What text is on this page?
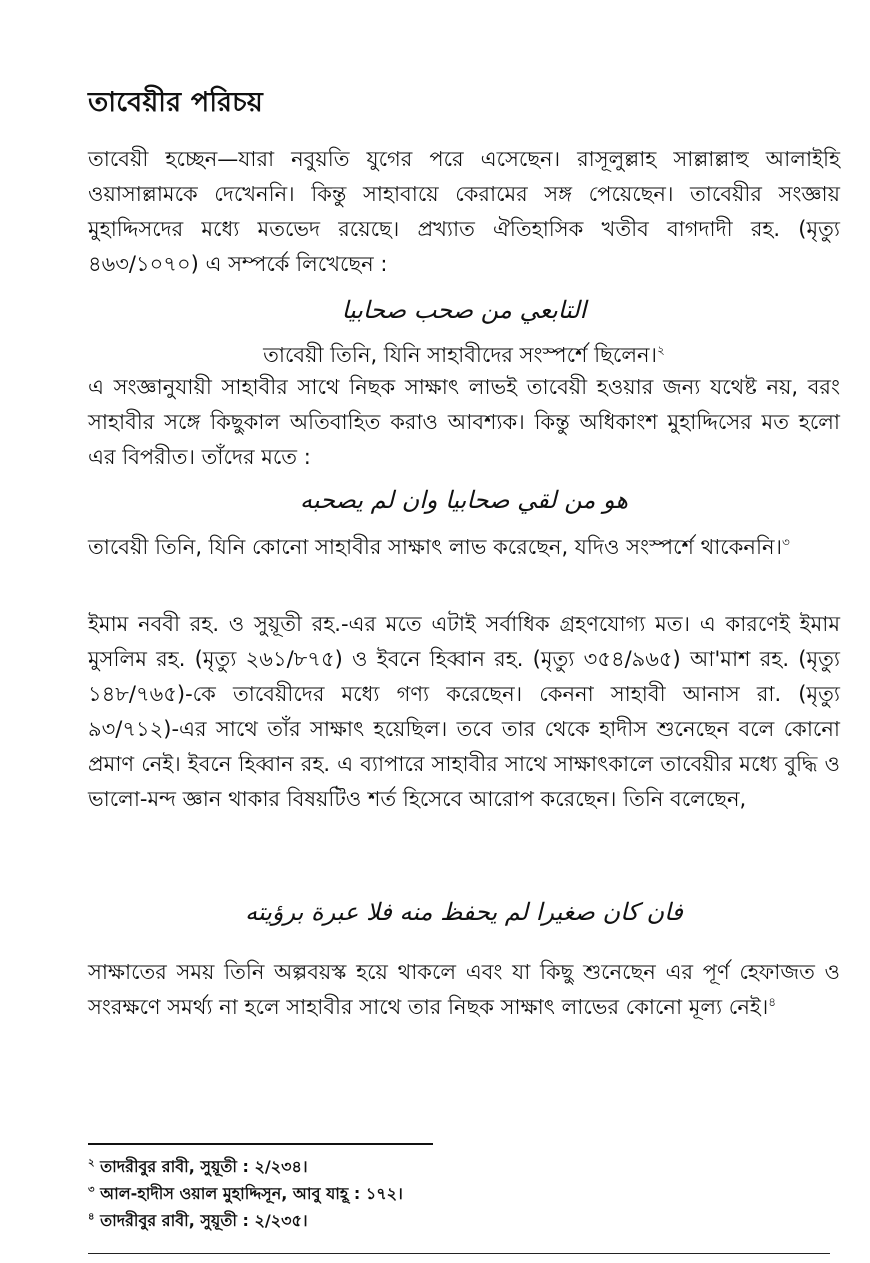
তাবেয়ীর পরিচয়

তাবেয়ী হচ্ছেন—যারা নবুয়তি যুগের পরে এসেছেন। রাসূলুল্লাহ সাল্লাল্লাহু আলাইহি ওয়াসাল্লামকে দেখেননি। কিন্তু সাহাবায়ে কেরামের সঙ্গ পেয়েছেন। তাবেয়ীর সংজ্ঞায় মুহাদ্দিসদের মধ্যে মতভেদ রয়েছে। প্রখ্যাত ঐতিহাসিক খতীব বাগদাদী রহ. (মৃত্যু ৪৬৩/১০৭০) এ সম্পর্কে লিখেছেন :

التابعي من صحب صحابيا
তাবেয়ী তিনি, যিনি সাহাবীদের সংস্পর্শে ছিলেন।$^২$

এ সংজ্ঞানুযায়ী সাহাবীর সাথে নিছক সাক্ষাৎ লাভই তাবেয়ী হওয়ার জন্য যথেষ্ট নয়, বরং সাহাবীর সঙ্গে কিছুকাল অতিবাহিত করাও আবশ্যক। কিন্তু অধিকাংশ মুহাদ্দিসের মত হলো এর বিপরীত। তাঁদের মতে :

هو من لقي صحابيا وان لم يصحبه

তাবেয়ী তিনি, যিনি কোনো সাহাবীর সাক্ষাৎ লাভ করেছেন, যদিও সংস্পর্শে থাকেননি।$^৩$

ইমাম নববী রহ. ও সুয়ূতী রহ.-এর মতে এটাই সর্বাধিক গ্রহণযোগ্য মত। এ কারণেই ইমাম মুসলিম রহ. (মৃত্যু ২৬১/৮৭৫) ও ইবনে হিব্বান রহ. (মৃত্যু ৩৫৪/৯৬৫) আ'মাশ রহ. (মৃত্যু ১৪৮/৭৬৫)-কে তাবেয়ীদের মধ্যে গণ্য করেছেন। কেননা সাহাবী আনাস রা. (মৃত্যু ৯৩/৭১২)-এর সাথে তাঁর সাক্ষাৎ হয়েছিল। তবে তার থেকে হাদীস শুনেছেন বলে কোনো প্রমাণ নেই। ইবনে হিব্বান রহ. এ ব্যাপারে সাহাবীর সাথে সাক্ষাৎকালে তাবেয়ীর মধ্যে বুদ্ধি ও ভালো-মন্দ জ্ঞান থাকার বিষয়টিও শর্ত হিসেবে আরোপ করেছেন। তিনি বলেছেন,

فان كان صغيرا لم يحفظ منه فلا عبرة برؤيته

সাক্ষাতের সময় তিনি অল্পবয়স্ক হয়ে থাকলে এবং যা কিছু শুনেছেন এর পূর্ণ হেফাজত ও সংরক্ষণে সমর্থ্য না হলে সাহাবীর সাথে তার নিছক সাক্ষাৎ লাভের কোনো মূল্য নেই।$^৪$

$^২$ তাদরীবুর রাবী, সুয়ূতী : ২/২৩৪।
$^৩$ আল-হাদীস ওয়াল মুহাদ্দিসূন, আবু যাহূ : ১৭২।
$^৪$ তাদরীবুর রাবী, সুয়ূতী : ২/২৩৫।
